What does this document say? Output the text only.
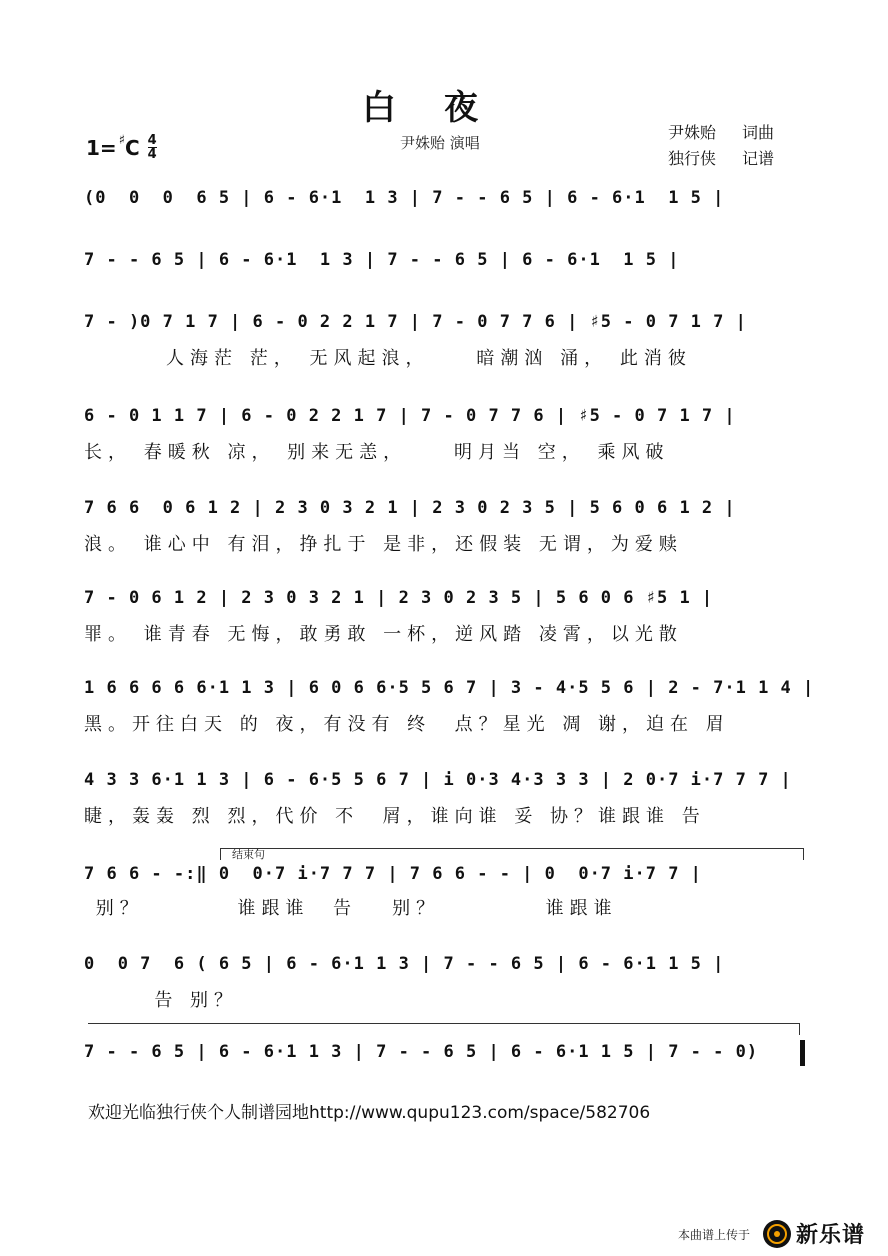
白夜
尹姝贻 演唱
1= ♯ C $\frac{4}{4}$
尹姝贻 词曲
独行侠 记谱
(0  0  0  6 5 | 6 - 6·1  1 3 | 7 - - 6 5 | 6 - 6·1  1 5 |
7 - - 6 5 | 6 - 6·1  1 3 | 7 - - 6 5 | 6 - 6·1  1 5 |
7 - )0 7 1 7 | 6 - 0 2 2 1 7 | 7 - 0 7 7 6 | ♯5 - 0 7 1 7 |
人海茫 茫， 无风起浪，    暗潮汹 涌， 此消彼
6 - 0 1 1 7 | 6 - 0 2 2 1 7 | 7 - 0 7 7 6 | ♯5 - 0 7 1 7 |
长， 春暖秋 凉， 别来无恙，    明月当 空， 乘风破
7 6 6  0 6 1 2 | 2 3 0 3 2 1 | 2 3 0 2 3 5 | 5 6 0 6 1 2 |
浪。 谁心中 有泪，挣扎于 是非，还假装 无谓，为爱赎
7 - 0 6 1 2 | 2 3 0 3 2 1 | 2 3 0 2 3 5 | 5 6 0 6 ♯5 1 |
罪。 谁青春 无悔，敢勇敢 一杯，逆风踏 凌霄，以光散
1 6 6 6 6 6·1 1 3 | 6 0 6 6·5 5 6 7 | 3 - 4·5 5 6 | 2 - 7·1 1 4 |
黑。开往白天 的 夜，有没有 终  点？星光 凋 谢，迫在 眉
4 3 3 6·1 1 3 | 6 - 6·5 5 6 7 | i 0·3 4·3 3 3 | 2 0·7 i·7 7 7 |
睫，轰轰 烈 烈，代价 不  屑，谁向谁 妥 协？谁跟谁 告
结束句
7 6 6 - -:‖ 0  0·7 i·7 7 7 | 7 6 6 - - | 0  0·7 i·7 7 |
别？        谁跟谁  告   别？         谁跟谁
0  0 7  6 ( 6 5 | 6 - 6·1 1 3 | 7 - - 6 5 | 6 - 6·1 1 5 |
告 别？
7 - - 6 5 | 6 - 6·1 1 3 | 7 - - 6 5 | 6 - 6·1 1 5 | 7 - - 0)
欢迎光临独行侠个人制谱园地http://www.qupu123.com/space/582706
本曲谱上传于 新乐谱
